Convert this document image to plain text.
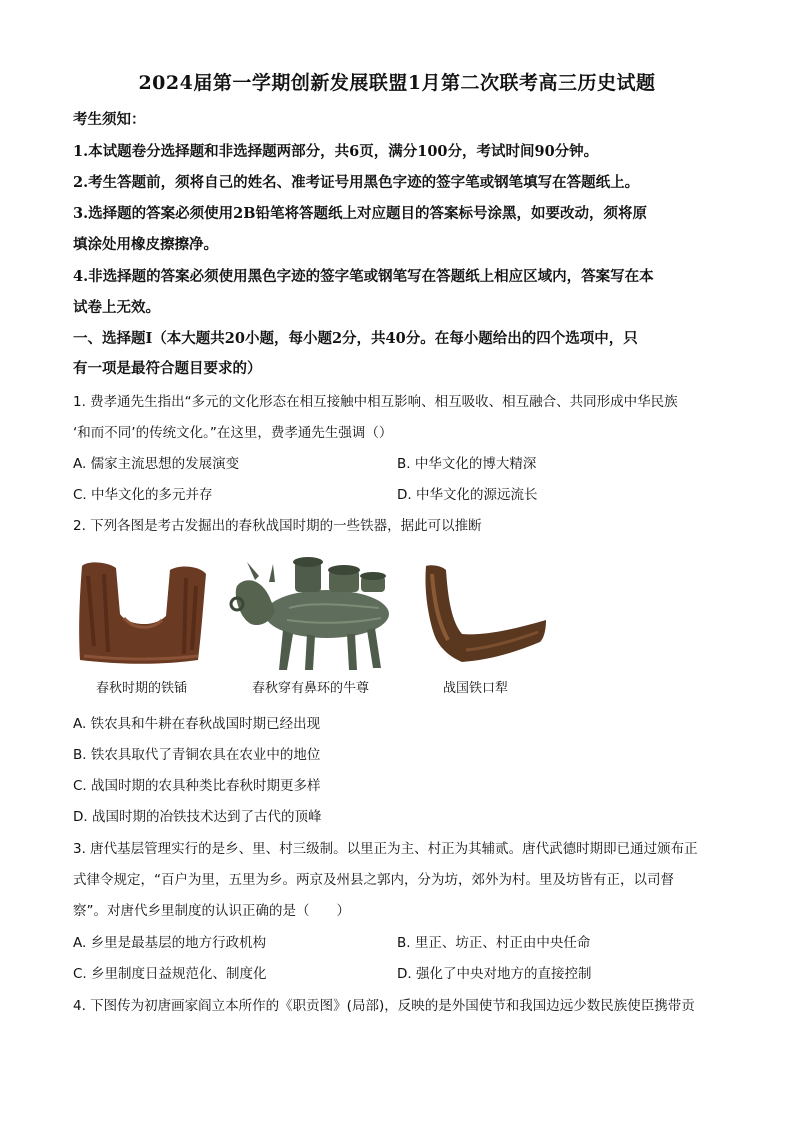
2024届第一学期创新发展联盟1月第二次联考高三历史试题
考生须知：
1.本试题卷分选择题和非选择题两部分，共6页，满分100分，考试时间90分钟。
2.考生答题前，须将自己的姓名、准考证号用黑色字迹的签字笔或钢笔填写在答题纸上。
3.选择题的答案必须使用2B铅笔将答题纸上对应题目的答案标号涂黑，如要改动，须将原
填涂处用橡皮擦擦净。
4.非选择题的答案必须使用黑色字迹的签字笔或钢笔写在答题纸上相应区域内，答案写在本
试卷上无效。
一、选择题Ⅰ（本大题共20小题，每小题2分，共40分。在每小题给出的四个选项中，只
有一项是最符合题目要求的）
1. 费孝通先生指出“多元的文化形态在相互接触中相互影响、相互吸收、相互融合、共同形成中华民族
‘和而不同’的传统文化。”在这里，费孝通先生强调（）
A. 儒家主流思想的发展演变	B. 中华文化的博大精深
C. 中华文化的多元并存	D. 中华文化的源远流长
2. 下列各图是考古发掘出的春秋战国时期的一些铁器，据此可以推断
春秋时期的铁锸	春秋穿有鼻环的牛尊	战国铁口犁
A. 铁农具和牛耕在春秋战国时期已经出现
B. 铁农具取代了青铜农具在农业中的地位
C. 战国时期的农具种类比春秋时期更多样
D. 战国时期的冶铁技术达到了古代的顶峰
3. 唐代基层管理实行的是乡、里、村三级制。以里正为主、村正为其辅贰。唐代武德时期即已通过颁布正
式律令规定，“百户为里，五里为乡。两京及州县之郭内，分为坊，郊外为村。里及坊皆有正，以司督
察”。对唐代乡里制度的认识正确的是（　　）
A. 乡里是最基层的地方行政机构	B. 里正、坊正、村正由中央任命
C. 乡里制度日益规范化、制度化	D. 强化了中央对地方的直接控制
4. 下图传为初唐画家阎立本所作的《职贡图》(局部)，反映的是外国使节和我国边远少数民族使臣携带贡
